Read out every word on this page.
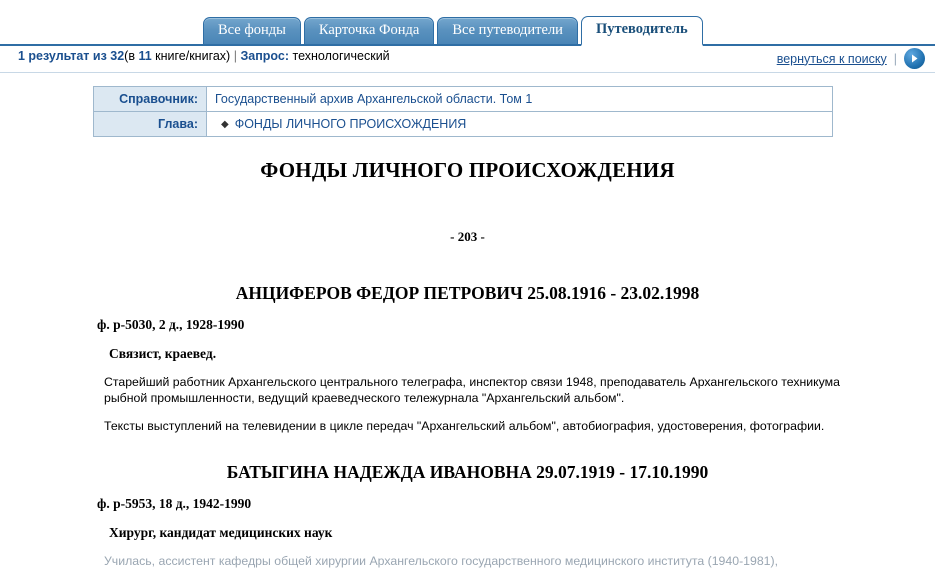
Все фонды	Карточка Фонда	Все путеводители	Путеводитель
1 результат из 32(в 11 книге/книгах) | Запрос: технологический	вернуться к поиску |
Справочник:	Государственный архив Архангельской области. Том 1
Глава:	◆ ФОНДЫ ЛИЧНОГО ПРОИСХОЖДЕНИЯ
ФОНДЫ ЛИЧНОГО ПРОИСХОЖДЕНИЯ
- 203 -
АНЦИФЕРОВ ФЕДОР ПЕТРОВИЧ 25.08.1916 - 23.02.1998
ф. р-5030, 2 д., 1928-1990
Связист, краевед.
Старейший работник Архангельского центрального телеграфа, инспектор связи 1948, преподаватель Архангельского техникума рыбной промышленности, ведущий краеведческого тележурнала "Архангельский альбом".
Тексты выступлений на телевидении в цикле передач "Архангельский альбом", автобиография, удостоверения, фотографии.
БАТЫГИНА НАДЕЖДА ИВАНОВНА 29.07.1919 - 17.10.1990
ф. р-5953, 18 д., 1942-1990
Хирург, кандидат медицинских наук
Училась, ассистент кафедры общей хирургии Архангельского государственного медицинского института (1940-1981),
